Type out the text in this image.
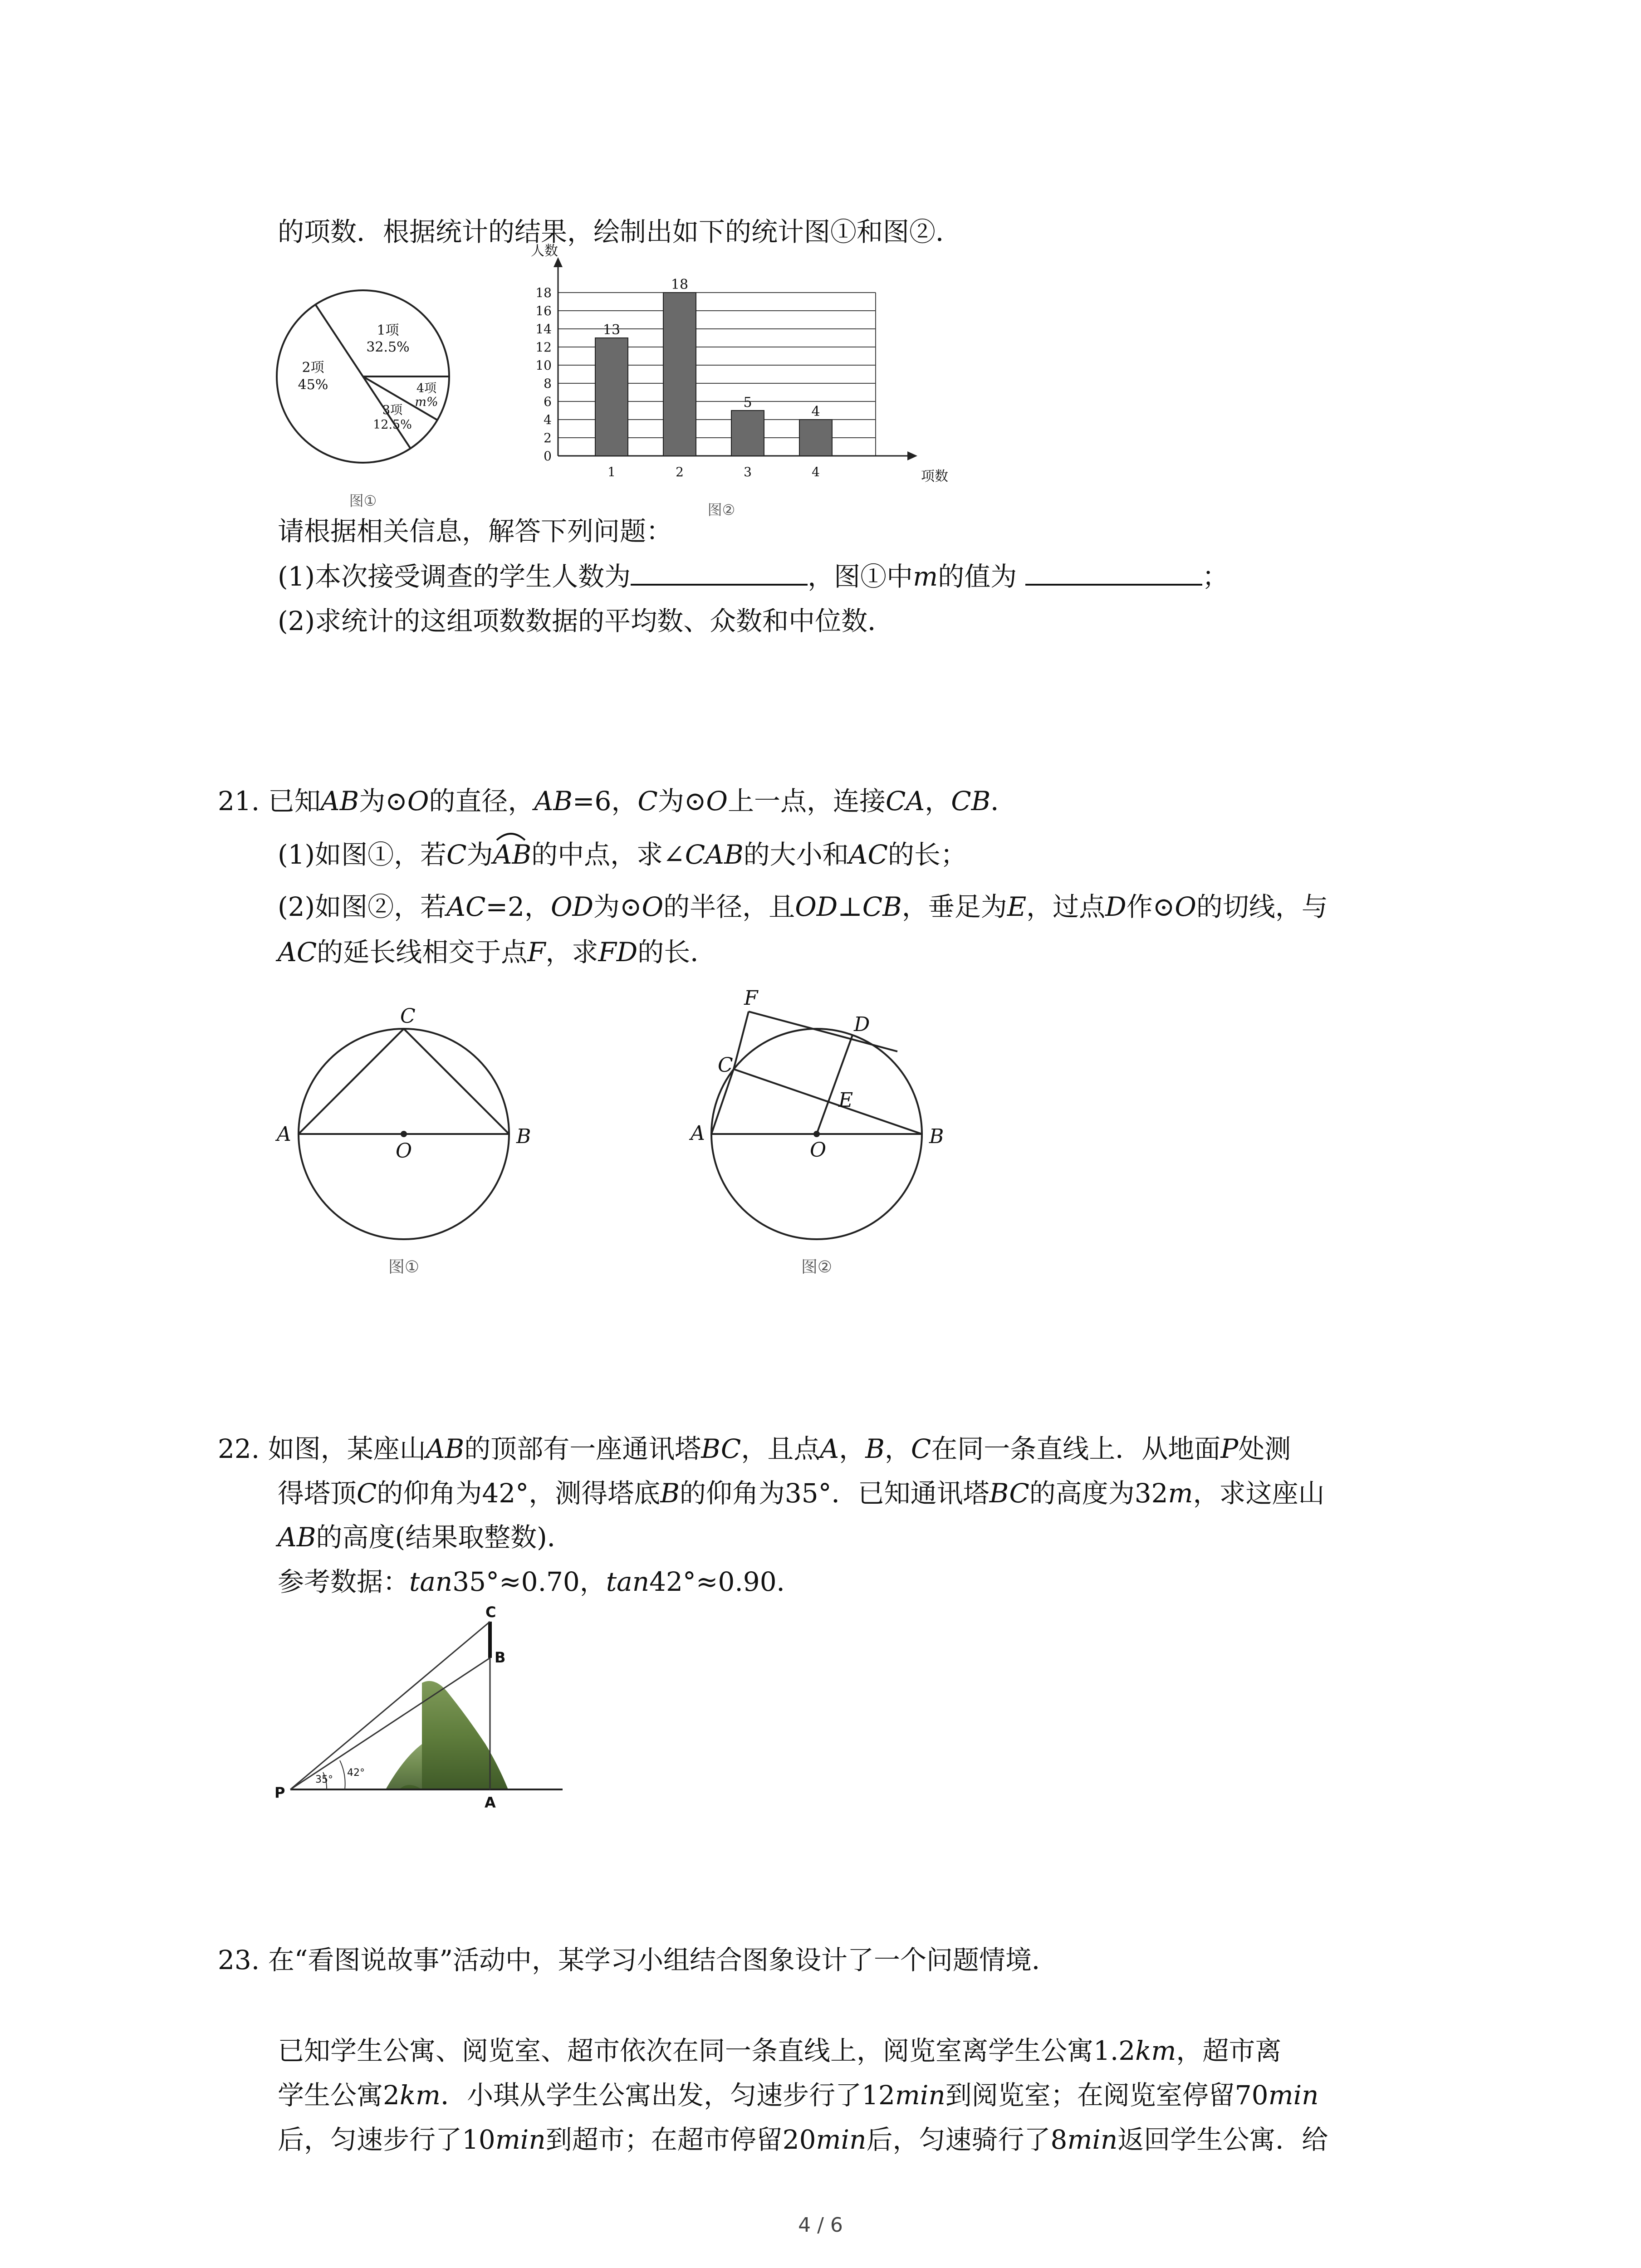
的项数．根据统计的结果，绘制出如下的统计图①和图②．
1项
32.5%
2项
45%	4项
m%
3项
12.5%
图①
0
2
4
6
8
10
12
14
16
18
人数
项数
13
1
18
2
5
3
4
4
图②
请根据相关信息，解答下列问题：
(1)本次接受调查的学生人数为	，图①中m的值为	；
(2)求统计的这组项数数据的平均数、众数和中位数．
21. 已知AB为⊙O的直径，AB=6，C为⊙O上一点，连接CA，CB．
(1)如图①，若C为AB
的中点，求∠CAB的大小和AC的长；
(2)如图②，若AC=2，OD为⊙O的半径，且OD⊥CB，垂足为E，过点D作⊙O的切线，与
AC的延长线相交于点F，求FD的长．
C
A	B
O
图①
F
D
C
E
A	B
O
图②
22. 如图，某座山AB的顶部有一座通讯塔BC，且点A，B，C在同一条直线上．从地面P处测
得塔顶C的仰角为42°，测得塔底B的仰角为35°．已知通讯塔BC的高度为32m，求这座山
AB的高度(结果取整数)．
参考数据：tan35°≈0.70，tan42°≈0.90．
35°
42°
C
B
P
A
23. 在“看图说故事”活动中，某学习小组结合图象设计了一个问题情境．
已知学生公寓、阅览室、超市依次在同一条直线上，阅览室离学生公寓1.2km，超市离
学生公寓2km．小琪从学生公寓出发，匀速步行了12min到阅览室；在阅览室停留70min
后，匀速步行了10min到超市；在超市停留20min后，匀速骑行了8min返回学生公寓．给
4 / 6
